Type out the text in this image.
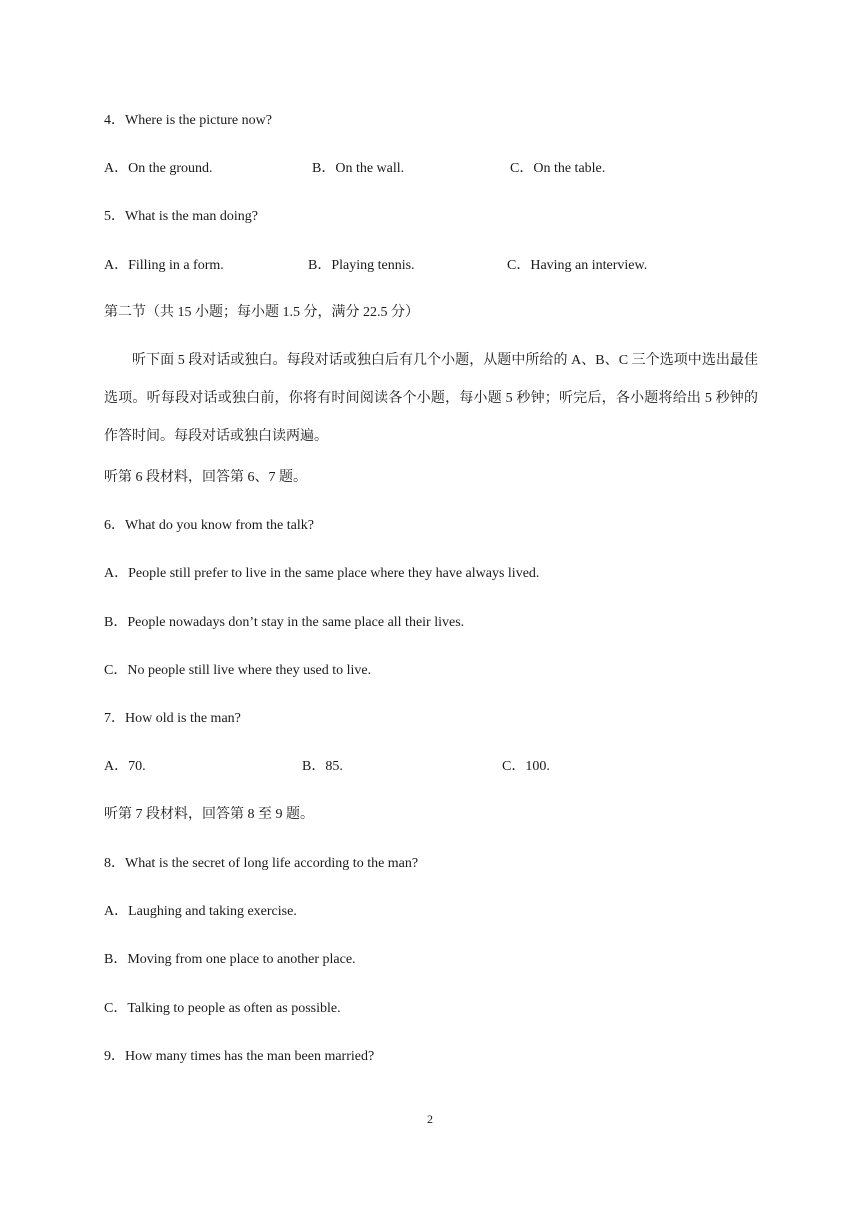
4．Where is the picture now?
A．On the ground.	B．On the wall.	C．On the table.
5．What is the man doing?
A．Filling in a form.	B．Playing tennis.	C．Having an interview.
第二节（共 15 小题；每小题 1.5 分，满分 22.5 分）
听下面 5 段对话或独白。每段对话或独白后有几个小题，从题中所给的 A、B、C 三个选项中选出最佳选项。听每段对话或独白前，你将有时间阅读各个小题，每小题 5 秒钟；听完后，各小题将给出 5 秒钟的作答时间。每段对话或独白读两遍。
听第 6 段材料，回答第 6、7 题。
6．What do you know from the talk?
A．People still prefer to live in the same place where they have always lived.
B．People nowadays don’t stay in the same place all their lives.
C．No people still live where they used to live.
7．How old is the man?
A．70.	B．85.	C．100.
听第 7 段材料，回答第 8 至 9 题。
8．What is the secret of long life according to the man?
A．Laughing and taking exercise.
B．Moving from one place to another place.
C．Talking to people as often as possible.
9．How many times has the man been married?
2
